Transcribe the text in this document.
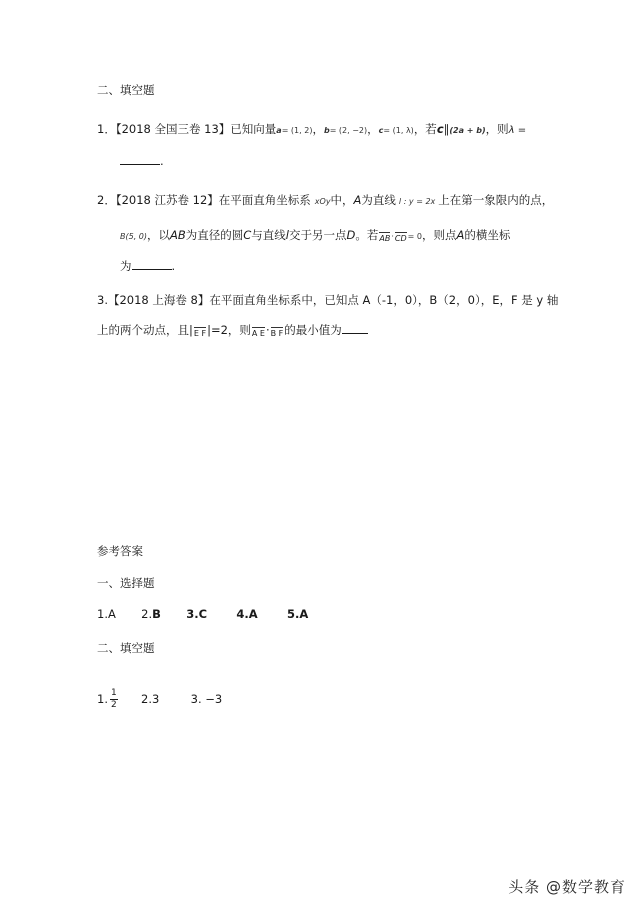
二、填空题
1．【2018 全国三卷 13】已知向量a= (1, 2)，b= (2, −2)，c= (1, λ)，若c∥(2a + b)，则λ =
.
2．【2018 江苏卷 12】在平面直角坐标系 xOy中，A为直线 l : y = 2x 上在第一象限内的点，
B(5, 0)，以AB为直径的圆C与直线l交于另一点D。若AB·CD= 0，则点A的横坐标
为	.
3.【2018 上海卷 8】在平面直角坐标系中，已知点 A（-1，0），B（2，0），E，F 是 y 轴
上的两个动点，且|E F|=2，则A E·B F的最小值为
参考答案
一、选择题
1.A 2.B 3.C	4.A	5.A
二、填空题
1. $\frac{1}{2} 2.3$	3. −3
头条 @数学教育
